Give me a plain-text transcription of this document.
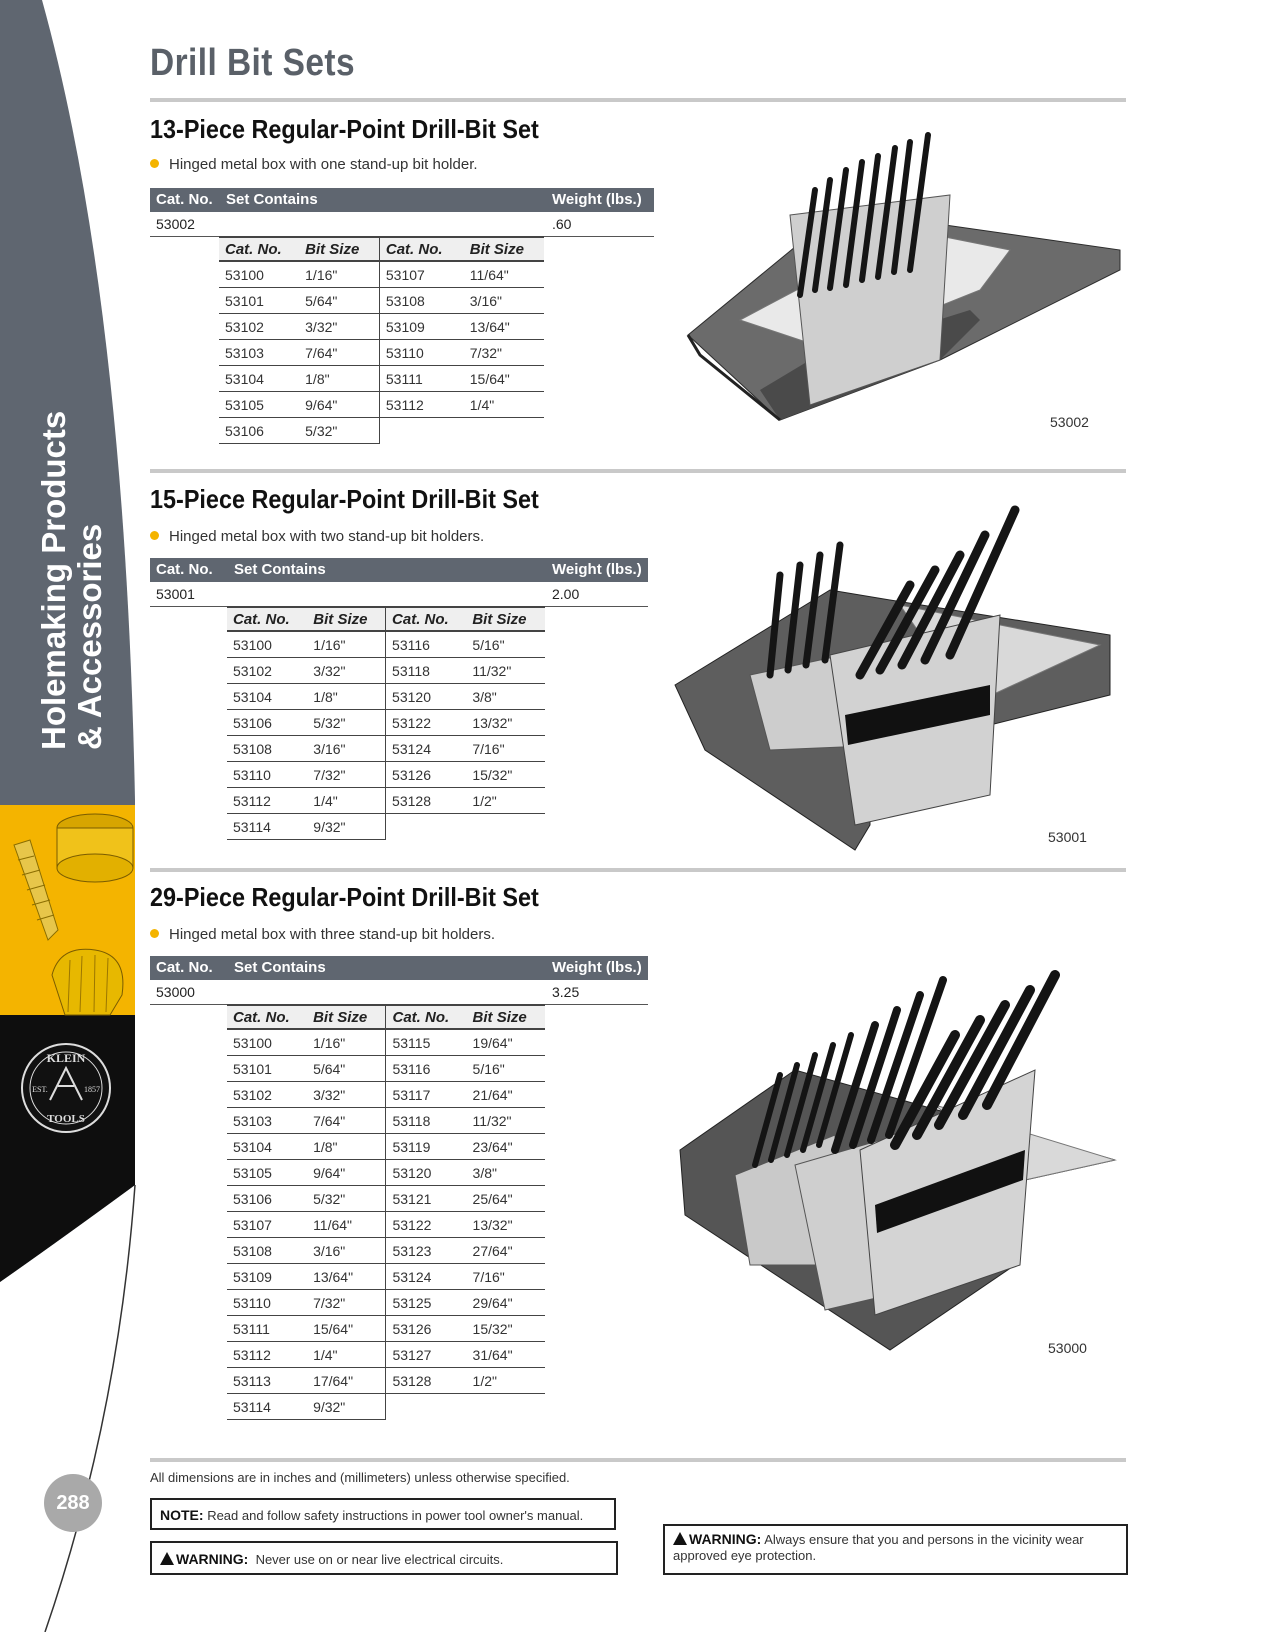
KLEIN
EST.	1857
TOOLS
Holemaking Products & Accessories
288
Drill Bit Sets
13-Piece Regular-Point Drill-Bit Set
Hinged metal box with one stand-up bit holder.
Cat. No. Set Contains	Weight (lbs.)
53002	.60
Cat. No.	Bit Size	Cat. No.	Bit Size
53100	1/16"	53107	11/64"
53101	5/64"	53108	3/16"
53102	3/32"	53109	13/64"
53103	7/64"	53110	7/32"
53104	1/8"	53111	15/64"
53105	9/64"	53112	1/4"
53106	5/32"		
53002
15-Piece Regular-Point Drill-Bit Set
Hinged metal box with two stand-up bit holders.
Cat. No. Set Contains	Weight (lbs.)
53001	2.00
Cat. No.	Bit Size	Cat. No.	Bit Size
53100	1/16"	53116	5/16"
53102	3/32"	53118	11/32"
53104	1/8"	53120	3/8"
53106	5/32"	53122	13/32"
53108	3/16"	53124	7/16"
53110	7/32"	53126	15/32"
53112	1/4"	53128	1/2"
53114	9/32"		
53001
29-Piece Regular-Point Drill-Bit Set
Hinged metal box with three stand-up bit holders.
Cat. No. Set Contains	Weight (lbs.)
53000	3.25
Cat. No.	Bit Size	Cat. No.	Bit Size
53100	1/16"	53115	19/64"
53101	5/64"	53116	5/16"
53102	3/32"	53117	21/64"
53103	7/64"	53118	11/32"
53104	1/8"	53119	23/64"
53105	9/64"	53120	3/8"
53106	5/32"	53121	25/64"
53107	11/64"	53122	13/32"
53108	3/16"	53123	27/64"
53109	13/64"	53124	7/16"
53110	7/32"	53125	29/64"
53111	15/64"	53126	15/32"
53112	1/4"	53127	31/64"
53113	17/64"	53128	1/2"
53114	9/32"		
53000
All dimensions are in inches and (millimeters) unless otherwise specified.
NOTE: Read and follow safety instructions in power tool owner's manual.
WARNING: Never use on or near live electrical circuits.
WARNING: Always ensure that you and persons in the vicinity wear approved eye protection.
